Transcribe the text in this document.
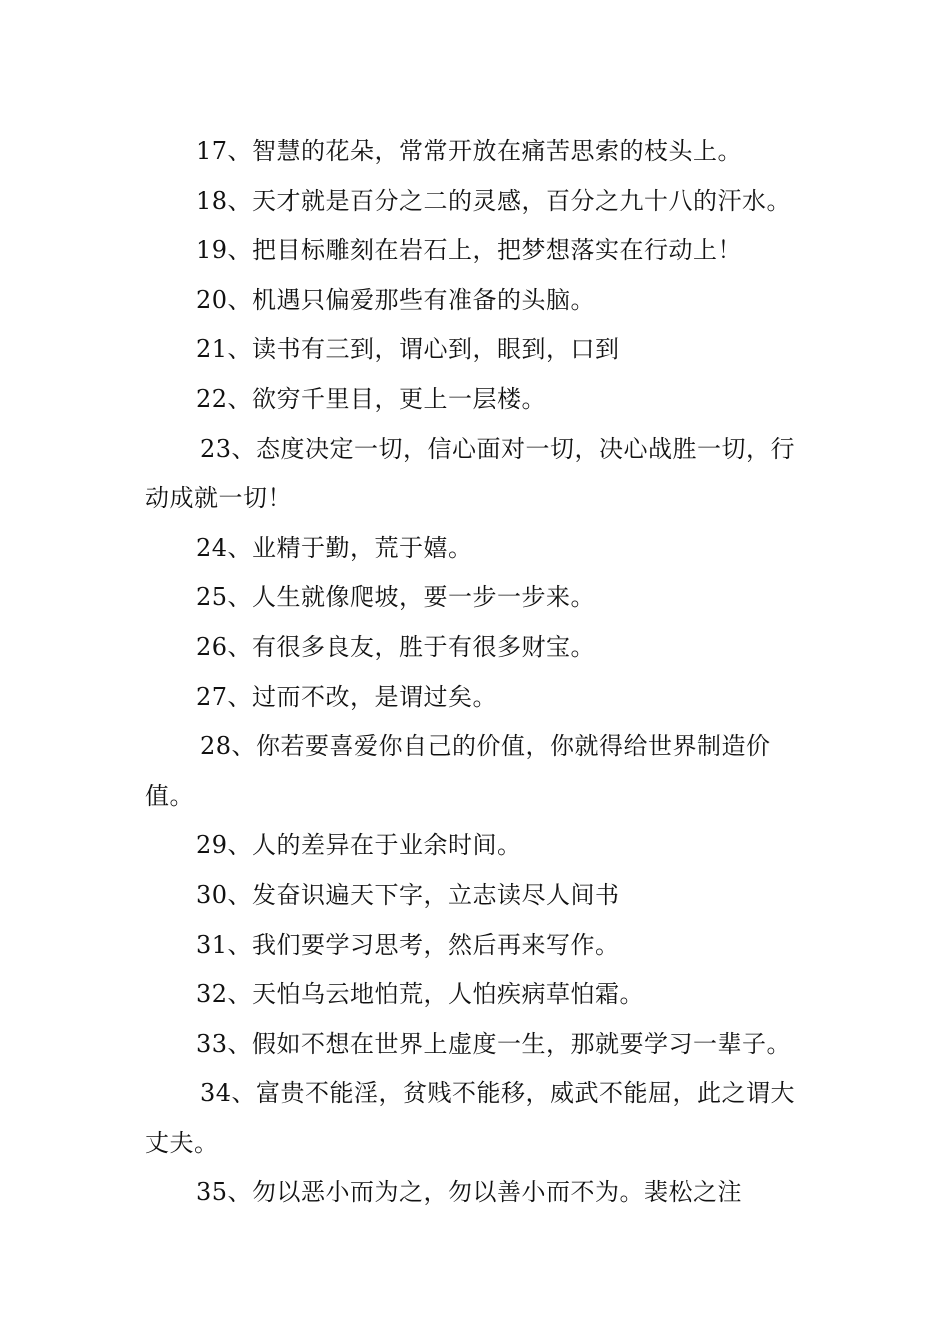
17、智慧的花朵，常常开放在痛苦思索的枝头上。

18、天才就是百分之二的灵感，百分之九十八的汗水。

19、把目标雕刻在岩石上，把梦想落实在行动上！

20、机遇只偏爱那些有准备的头脑。

21、读书有三到，谓心到，眼到，口到

22、欲穷千里目，更上一层楼。

23、态度决定一切，信心面对一切，决心战胜一切，行动成就一切！

24、业精于勤，荒于嬉。

25、人生就像爬坡，要一步一步来。

26、有很多良友，胜于有很多财宝。

27、过而不改，是谓过矣。

28、你若要喜爱你自己的价值，你就得给世界制造价值。

29、人的差异在于业余时间。

30、发奋识遍天下字，立志读尽人间书

31、我们要学习思考，然后再来写作。

32、天怕乌云地怕荒，人怕疾病草怕霜。

33、假如不想在世界上虚度一生，那就要学习一辈子。

34、富贵不能淫，贫贱不能移，威武不能屈，此之谓大丈夫。

35、勿以恶小而为之，勿以善小而不为。裴松之注
